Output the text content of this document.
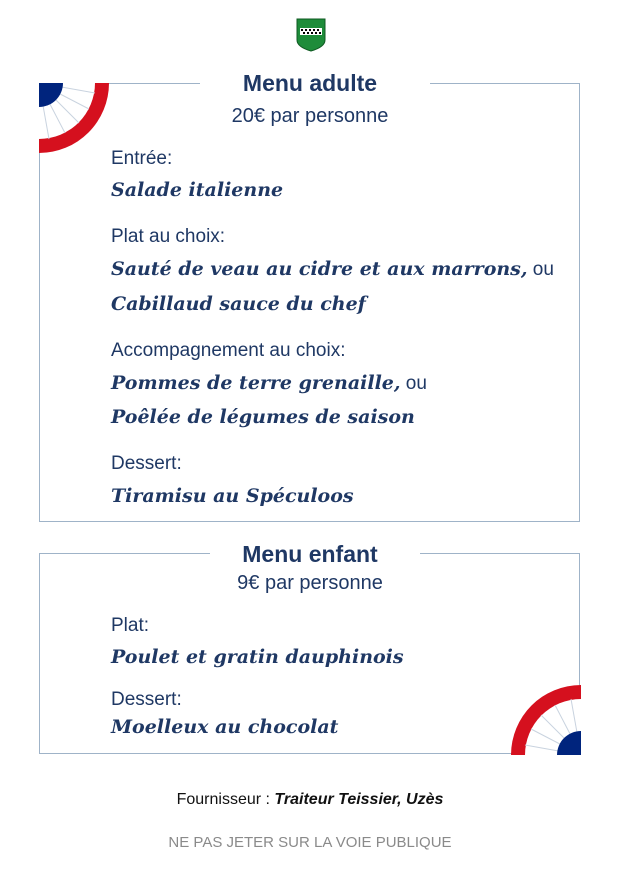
Menu adulte
20€ par personne
Entrée:
Salade italienne
Plat au choix:
Sauté de veau au cidre et aux marrons, ou
Cabillaud sauce du chef
Accompagnement au choix:
Pommes de terre grenaille, ou
Poêlée de légumes de saison
Dessert:
Tiramisu au Spéculoos
Menu enfant
9€ par personne
Plat:
Poulet et gratin dauphinois
Dessert:
Moelleux au chocolat
Fournisseur : Traiteur Teissier, Uzès
NE PAS JETER SUR LA VOIE PUBLIQUE
